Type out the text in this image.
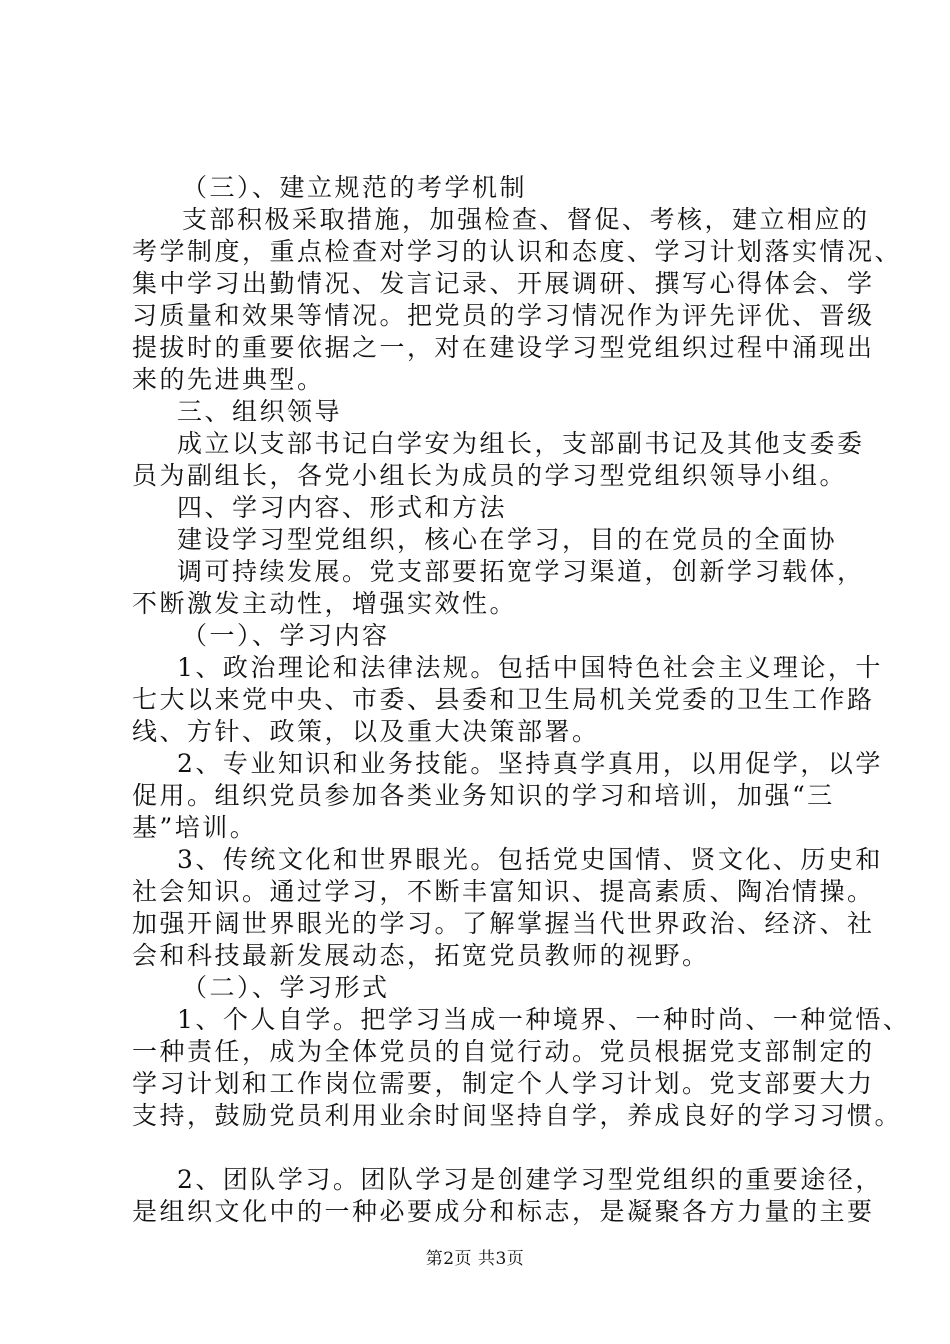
（三）、建立规范的考学机制
支部积极采取措施，加强检查、督促、考核，建立相应的
考学制度，重点检查对学习的认识和态度、学习计划落实情况、
集中学习出勤情况、发言记录、开展调研、撰写心得体会、学
习质量和效果等情况。把党员的学习情况作为评先评优、晋级
提拔时的重要依据之一，对在建设学习型党组织过程中涌现出
来的先进典型。
三、组织领导
成立以支部书记白学安为组长，支部副书记及其他支委委
员为副组长，各党小组长为成员的学习型党组织领导小组。
四、学习内容、形式和方法
建设学习型党组织，核心在学习，目的在党员的全面协
调可持续发展。党支部要拓宽学习渠道，创新学习载体，
不断激发主动性，增强实效性。
（一）、学习内容
1、政治理论和法律法规。包括中国特色社会主义理论，十
七大以来党中央、市委、县委和卫生局机关党委的卫生工作路
线、方针、政策，以及重大决策部署。
2、专业知识和业务技能。坚持真学真用，以用促学，以学
促用。组织党员参加各类业务知识的学习和培训，加强“三
基”培训。
3、传统文化和世界眼光。包括党史国情、贤文化、历史和
社会知识。通过学习，不断丰富知识、提高素质、陶冶情操。
加强开阔世界眼光的学习。了解掌握当代世界政治、经济、社
会和科技最新发展动态，拓宽党员教师的视野。
（二）、学习形式
1、个人自学。把学习当成一种境界、一种时尚、一种觉悟、
一种责任，成为全体党员的自觉行动。党员根据党支部制定的
学习计划和工作岗位需要，制定个人学习计划。党支部要大力
支持，鼓励党员利用业余时间坚持自学，养成良好的学习习惯。
2、团队学习。团队学习是创建学习型党组织的重要途径，
是组织文化中的一种必要成分和标志，是凝聚各方力量的主要
第2页 共3页
